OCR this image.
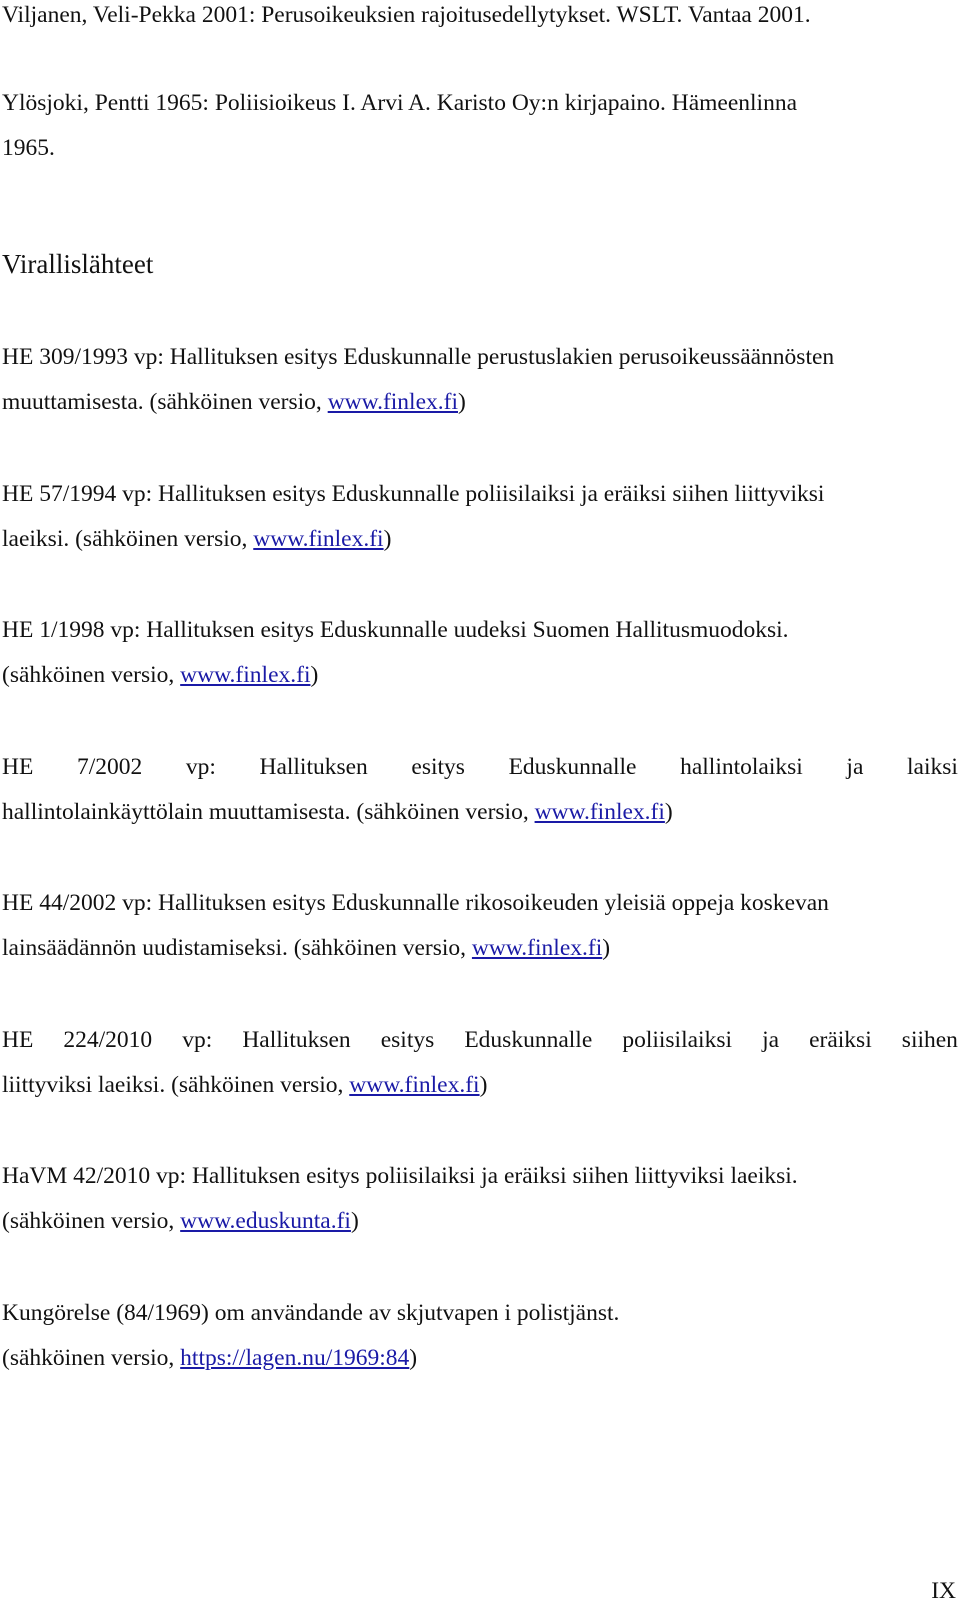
Viljanen, Veli-Pekka 2001: Perusoikeuksien rajoitusedellytykset. WSLT. Vantaa 2001.
Ylösjoki, Pentti 1965: Poliisioikeus I. Arvi A. Karisto Oy:n kirjapaino. Hämeenlinna
1965.
Virallislähteet
HE 309/1993 vp: Hallituksen esitys Eduskunnalle perustuslakien perusoikeussäännösten
muuttamisesta. (sähköinen versio, www.finlex.fi)
HE 57/1994 vp: Hallituksen esitys Eduskunnalle poliisilaiksi ja eräiksi siihen liittyviksi
laeiksi. (sähköinen versio, www.finlex.fi)
HE 1/1998 vp: Hallituksen esitys Eduskunnalle uudeksi Suomen Hallitusmuodoksi.
(sähköinen versio, www.finlex.fi)
HE 7/2002 vp: Hallituksen esitys Eduskunnalle hallintolaiksi ja laiksi
hallintolainkäyttölain muuttamisesta. (sähköinen versio, www.finlex.fi)
HE 44/2002 vp: Hallituksen esitys Eduskunnalle rikosoikeuden yleisiä oppeja koskevan
lainsäädännön uudistamiseksi. (sähköinen versio, www.finlex.fi)
HE 224/2010 vp: Hallituksen esitys Eduskunnalle poliisilaiksi ja eräiksi siihen
liittyviksi laeiksi. (sähköinen versio, www.finlex.fi)
HaVM 42/2010 vp: Hallituksen esitys poliisilaiksi ja eräiksi siihen liittyviksi laeiksi.
(sähköinen versio, www.eduskunta.fi)
Kungörelse (84/1969) om användande av skjutvapen i polistjänst.
(sähköinen versio, https://lagen.nu/1969:84)
IX
